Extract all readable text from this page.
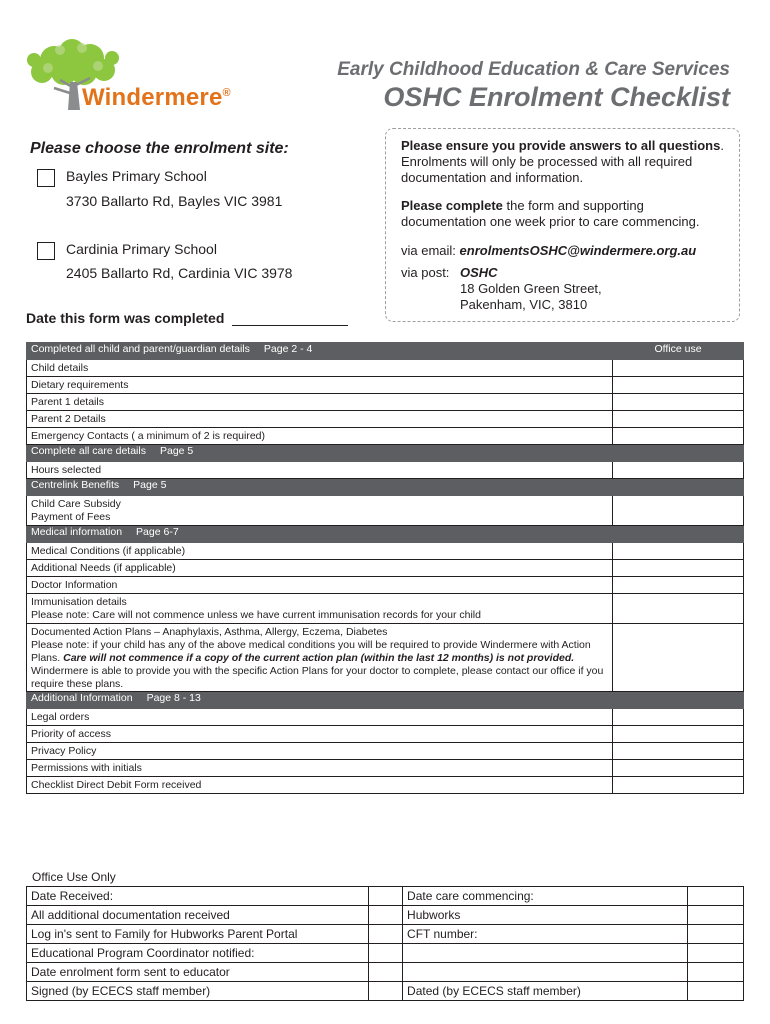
Windermere®
Early Childhood Education & Care Services
OSHC Enrolment Checklist
Please choose the enrolment site:
Bayles Primary School
3730 Ballarto Rd, Bayles VIC 3981
Cardinia Primary School
2405 Ballarto Rd, Cardinia VIC 3978
Date this form was completed
Please ensure you provide answers to all questions.
Enrolments will only be processed with all required documentation and information.
Please complete the form and supporting documentation one week prior to care commencing.
via email: enrolmentsOSHC@windermere.org.au
via post: OSHC
18 Golden Green Street,
Pakenham, VIC, 3810
Completed all child and parent/guardian details Page 2 - 4	Office use

Child details	

Dietary requirements	

Parent 1 details	

Parent 2 Details	

Emergency Contacts ( a minimum of 2 is required)	

Complete all care details Page 5	

Hours selected	

Centrelink Benefits Page 5	

Child Care Subsidy
Payment of Fees	

Medical information Page 6-7	

Medical Conditions (if applicable)	

Additional Needs (if applicable)	

Doctor Information	

Immunisation details
Please note: Care will not commence unless we have current immunisation records for your child	

Documented Action Plans – Anaphylaxis, Asthma, Allergy, Eczema, Diabetes
Please note: if your child has any of the above medical conditions you will be required to provide Windermere with Action Plans. Care will not commence if a copy of the current action plan (within the last 12 months) is not provided.
Windermere is able to provide you with the specific Action Plans for your doctor to complete, please contact our office if you require these plans.	

Additional Information Page 8 - 13	

Legal orders	

Priority of access	

Privacy Policy	

Permissions with initials	

Checklist Direct Debit Form received	

Office Use Only
Date Received:		Date care commencing:	
All additional documentation received		Hubworks	
Log in's sent to Family for Hubworks Parent Portal		CFT number:	
Educational Program Coordinator notified:			
Date enrolment form sent to educator			
Signed (by ECECS staff member)		Dated (by ECECS staff member)	
